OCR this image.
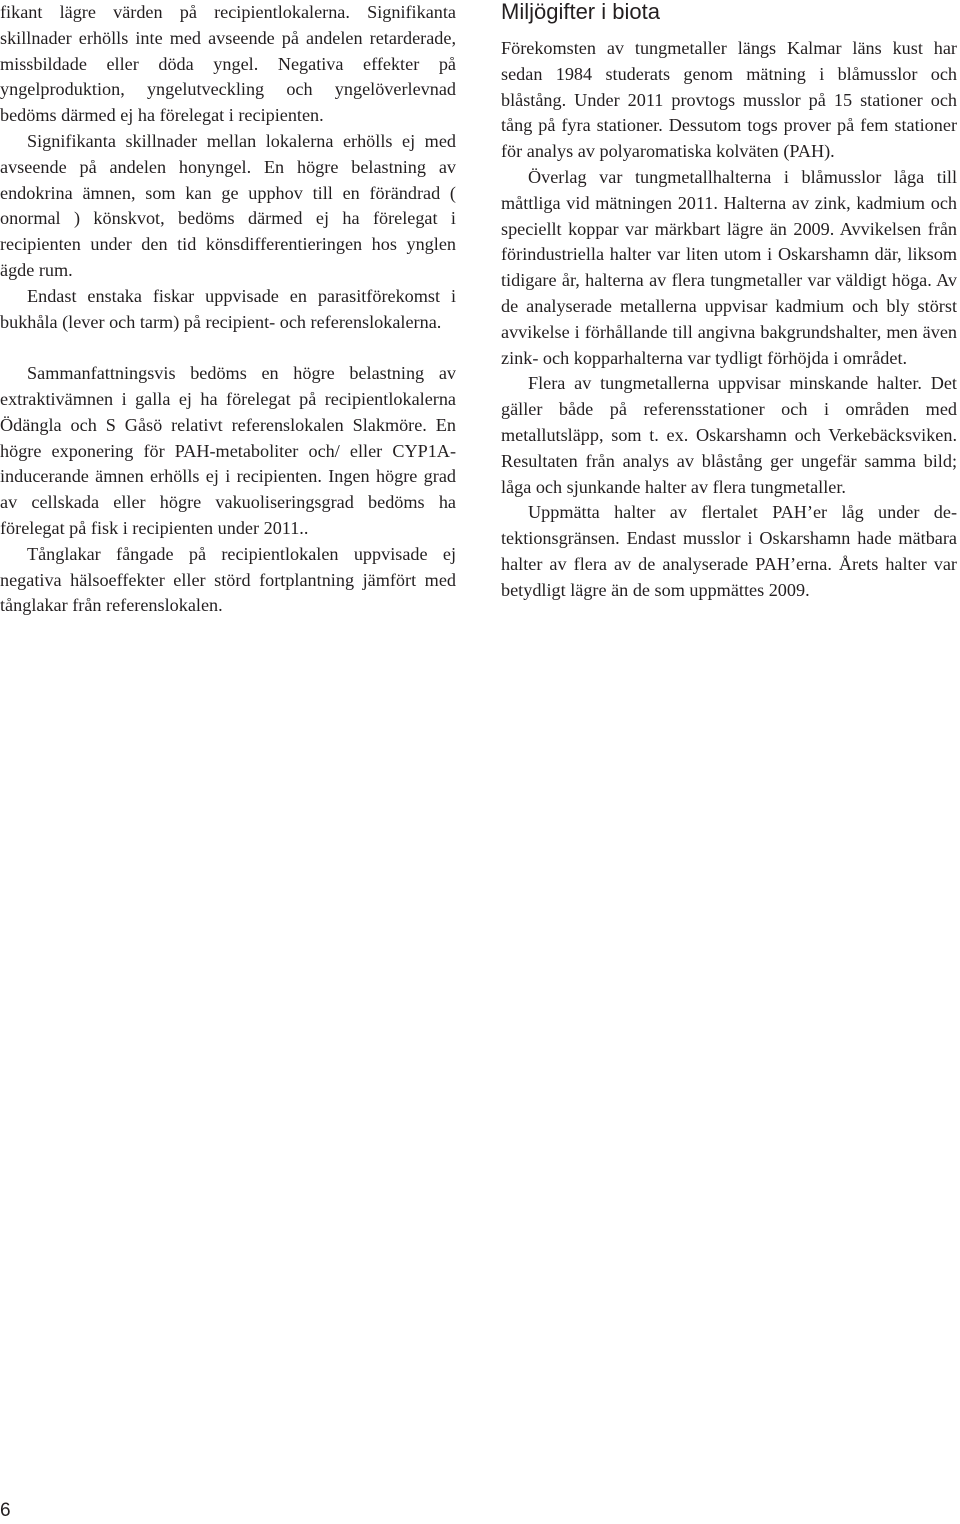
fikant lägre värden på recipientlokalerna. Signifikanta skillnader erhölls inte med avseende på andelen retarderade, missbildade eller döda yngel. Negativa effekter på yngelproduktion, yngelutveckling och yngelöverlevnad bedöms därmed ej ha förelegat i recipienten.

Signifikanta skillnader mellan lokalerna erhölls ej med avseende på andelen honyngel. En högre belastning av endokrina ämnen, som kan ge upphov till en förändrad ( onormal ) könskvot, bedöms därmed ej ha förelegat i recipienten under den tid könsdifferentieringen hos ynglen ägde rum.

Endast enstaka fiskar uppvisade en parasitförekomst i bukhåla (lever och tarm) på recipient- och referenslokalerna.

Sammanfattningsvis bedöms en högre belastning av extraktivämnen i galla ej ha förelegat på recipientlokalerna Ödängla och S Gåsö relativt referenslokalen Slakmöre. En högre exponering för PAH-metaboliter och/ eller CYP1A-inducerande ämnen erhölls ej i recipienten. Ingen högre grad av cellskada eller högre vakuoliseringsgrad bedöms ha förelegat på fisk i recipienten under 2011..

Tånglakar fångade på recipientlokalen uppvisade ej negativa hälsoeffekter eller störd fortplantning jämfört med tånglakar från referenslokalen.

Miljögifter i biota

Förekomsten av tungmetaller längs Kalmar läns kust har sedan 1984 studerats genom mätning i blåmusslor och blåstång. Under 2011 provtogs musslor på 15 stationer och tång på fyra stationer. Dessutom togs prover på fem stationer för analys av polyaromatiska kolväten (PAH).

Överlag var tungmetallhalterna i blåmusslor låga till måttliga vid mätningen 2011. Halterna av zink, kadmium och speciellt koppar var märkbart lägre än 2009. Avvikelsen från förindustriella halter var liten utom i Oskarshamn där, liksom tidigare år, halterna av flera tungmetaller var väldigt höga. Av de analyserade metallerna uppvisar kadmium och bly störst avvikelse i förhållande till angivna bakgrundshalter, men även zink- och kopparhalterna var tydligt förhöjda i området.

Flera av tungmetallerna uppvisar minskande halter. Det gäller både på referensstationer och i områden med metallutsläpp, som t. ex. Oskarshamn och Verkebäcksviken. Resultaten från analys av blåstång ger ungefär samma bild; låga och sjunkande halter av flera tungmetaller.

Uppmätta halter av flertalet PAH’er låg under detektionsgränsen. Endast musslor i Oskarshamn hade mätbara halter av flera av de analyserade PAH’erna. Årets halter var betydligt lägre än de som uppmättes 2009.

6
